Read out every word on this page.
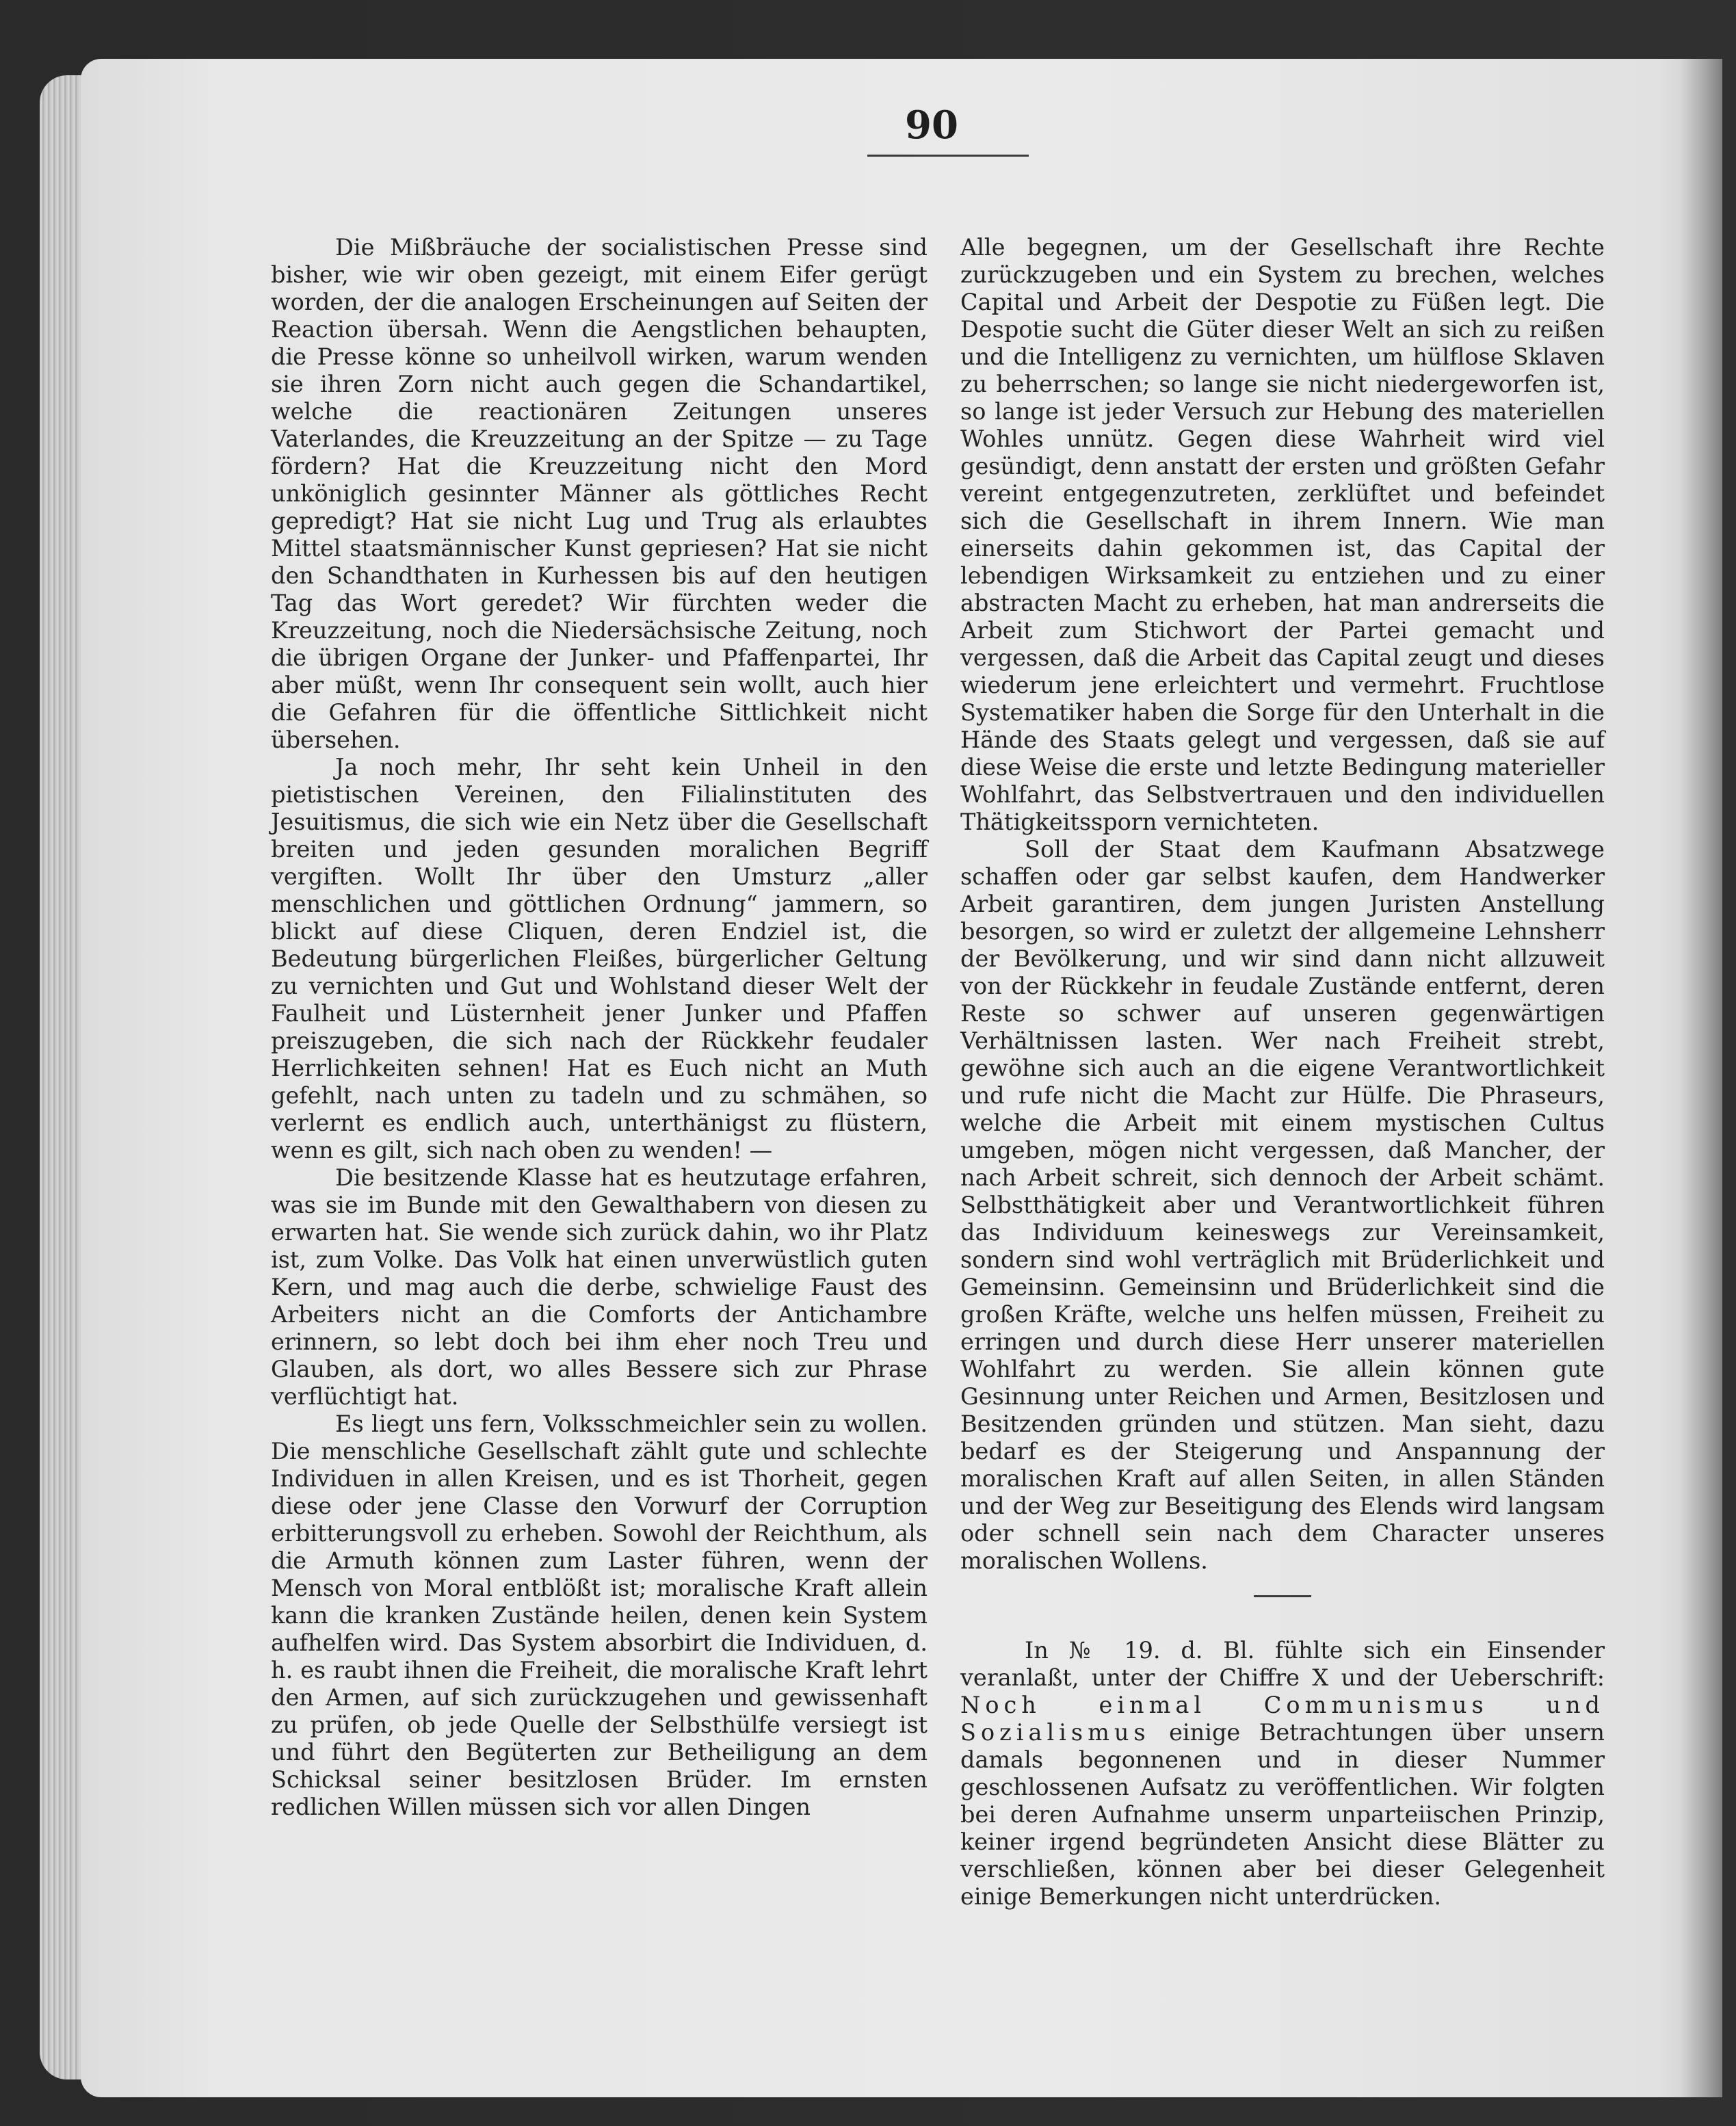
90

Die Mißbräuche der socialistischen Presse sind bisher, wie wir oben gezeigt, mit einem Eifer gerügt worden, der die analogen Erscheinungen auf Seiten der Reaction übersah. Wenn die Aengstlichen behaupten, die Presse könne so unheilvoll wirken, warum wenden sie ihren Zorn nicht auch gegen die Schandartikel, welche die reactionären Zeitungen unseres Vaterlandes, die Kreuzzeitung an der Spitze — zu Tage fördern? Hat die Kreuzzeitung nicht den Mord unköniglich gesinnter Männer als göttliches Recht gepredigt? Hat sie nicht Lug und Trug als erlaubtes Mittel staatsmännischer Kunst gepriesen? Hat sie nicht den Schandthaten in Kurhessen bis auf den heutigen Tag das Wort geredet? Wir fürchten weder die Kreuzzeitung, noch die Niedersächsische Zeitung, noch die übrigen Organe der Junker- und Pfaffenpartei, Ihr aber müßt, wenn Ihr consequent sein wollt, auch hier die Gefahren für die öffentliche Sittlichkeit nicht übersehen.

Ja noch mehr, Ihr seht kein Unheil in den pietistischen Vereinen, den Filialinstituten des Jesuitismus, die sich wie ein Netz über die Gesellschaft breiten und jeden gesunden moralichen Begriff vergiften. Wollt Ihr über den Umsturz „aller menschlichen und göttlichen Ordnung“ jammern, so blickt auf diese Cliquen, deren Endziel ist, die Bedeutung bürgerlichen Fleißes, bürgerlicher Geltung zu vernichten und Gut und Wohlstand dieser Welt der Faulheit und Lüsternheit jener Junker und Pfaffen preiszugeben, die sich nach der Rückkehr feudaler Herrlichkeiten sehnen! Hat es Euch nicht an Muth gefehlt, nach unten zu tadeln und zu schmähen, so verlernt es endlich auch, unterthänigst zu flüstern, wenn es gilt, sich nach oben zu wenden! —

Die besitzende Klasse hat es heutzutage erfahren, was sie im Bunde mit den Gewalthabern von diesen zu erwarten hat. Sie wende sich zurück dahin, wo ihr Platz ist, zum Volke. Das Volk hat einen unverwüstlich guten Kern, und mag auch die derbe, schwielige Faust des Arbeiters nicht an die Comforts der Antichambre erinnern, so lebt doch bei ihm eher noch Treu und Glauben, als dort, wo alles Bessere sich zur Phrase verflüchtigt hat.

Es liegt uns fern, Volksschmeichler sein zu wollen. Die menschliche Gesellschaft zählt gute und schlechte Individuen in allen Kreisen, und es ist Thorheit, gegen diese oder jene Classe den Vorwurf der Corruption erbitterungsvoll zu erheben. Sowohl der Reichthum, als die Armuth können zum Laster führen, wenn der Mensch von Moral entblößt ist; moralische Kraft allein kann die kranken Zustände heilen, denen kein System aufhelfen wird. Das System absorbirt die Individuen, d. h. es raubt ihnen die Freiheit, die moralische Kraft lehrt den Armen, auf sich zurückzugehen und gewissenhaft zu prüfen, ob jede Quelle der Selbsthülfe versiegt ist und führt den Begüterten zur Betheiligung an dem Schicksal seiner besitzlosen Brüder. Im ernsten redlichen Willen müssen sich vor allen Dingen

Alle begegnen, um der Gesellschaft ihre Rechte zurückzugeben und ein System zu brechen, welches Capital und Arbeit der Despotie zu Füßen legt. Die Despotie sucht die Güter dieser Welt an sich zu reißen und die Intelligenz zu vernichten, um hülflose Sklaven zu beherrschen; so lange sie nicht niedergeworfen ist, so lange ist jeder Versuch zur Hebung des materiellen Wohles unnütz. Gegen diese Wahrheit wird viel gesündigt, denn anstatt der ersten und größten Gefahr vereint entgegenzutreten, zerklüftet und befeindet sich die Gesellschaft in ihrem Innern. Wie man einerseits dahin gekommen ist, das Capital der lebendigen Wirksamkeit zu entziehen und zu einer abstracten Macht zu erheben, hat man andrerseits die Arbeit zum Stichwort der Partei gemacht und vergessen, daß die Arbeit das Capital zeugt und dieses wiederum jene erleichtert und vermehrt. Fruchtlose Systematiker haben die Sorge für den Unterhalt in die Hände des Staats gelegt und vergessen, daß sie auf diese Weise die erste und letzte Bedingung materieller Wohlfahrt, das Selbstvertrauen und den individuellen Thätigkeitssporn vernichteten.

Soll der Staat dem Kaufmann Absatzwege schaffen oder gar selbst kaufen, dem Handwerker Arbeit garantiren, dem jungen Juristen Anstellung besorgen, so wird er zuletzt der allgemeine Lehnsherr der Bevölkerung, und wir sind dann nicht allzuweit von der Rückkehr in feudale Zustände entfernt, deren Reste so schwer auf unseren gegenwärtigen Verhältnissen lasten. Wer nach Freiheit strebt, gewöhne sich auch an die eigene Verantwortlichkeit und rufe nicht die Macht zur Hülfe. Die Phraseurs, welche die Arbeit mit einem mystischen Cultus umgeben, mögen nicht vergessen, daß Mancher, der nach Arbeit schreit, sich dennoch der Arbeit schämt. Selbstthätigkeit aber und Verantwortlichkeit führen das Individuum keineswegs zur Vereinsamkeit, sondern sind wohl verträglich mit Brüderlichkeit und Gemeinsinn. Gemeinsinn und Brüderlichkeit sind die großen Kräfte, welche uns helfen müssen, Freiheit zu erringen und durch diese Herr unserer materiellen Wohlfahrt zu werden. Sie allein können gute Gesinnung unter Reichen und Armen, Besitzlosen und Besitzenden gründen und stützen. Man sieht, dazu bedarf es der Steigerung und Anspannung der moralischen Kraft auf allen Seiten, in allen Ständen und der Weg zur Beseitigung des Elends wird langsam oder schnell sein nach dem Character unseres moralischen Wollens.

In № 19. d. Bl. fühlte sich ein Einsender veranlaßt, unter der Chiffre X und der Ueberschrift: Noch einmal Communismus und Sozialismus einige Betrachtungen über unsern damals begonnenen und in dieser Nummer geschlossenen Aufsatz zu veröffentlichen. Wir folgten bei deren Aufnahme unserm unparteiischen Prinzip, keiner irgend begründeten Ansicht diese Blätter zu verschließen, können aber bei dieser Gelegenheit einige Bemerkungen nicht unterdrücken.
